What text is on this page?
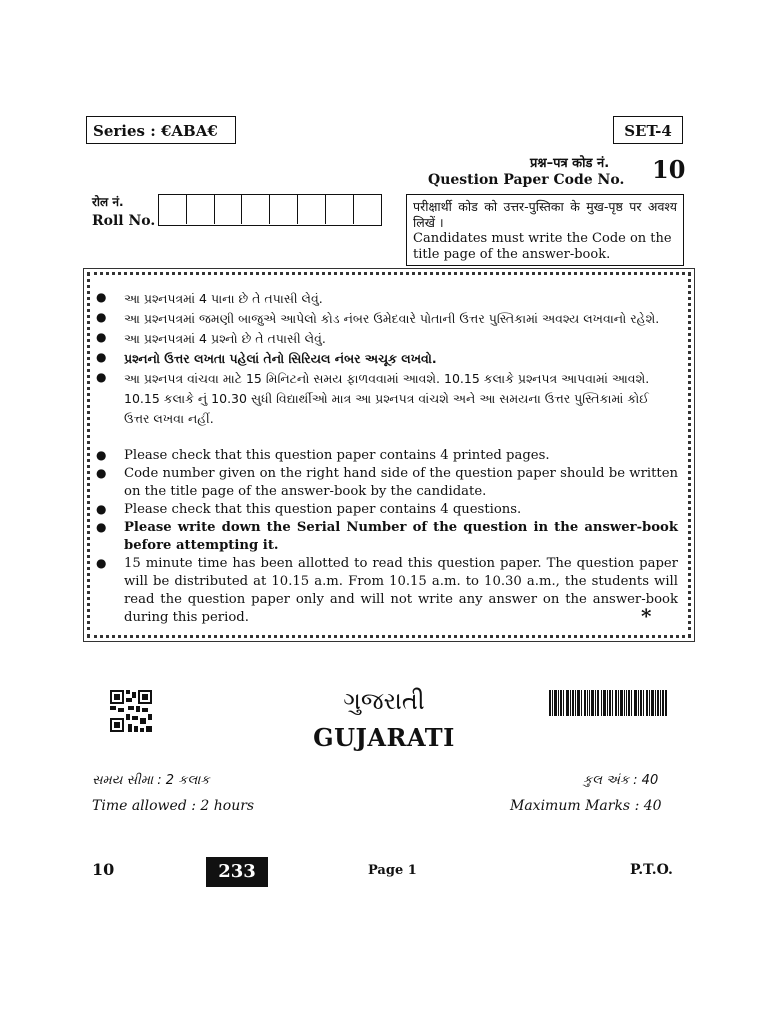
Series : €ABA€	SET-4
प्रश्न–पत्र कोड नं.
Question Paper Code No. 10
रोल नं.
Roll No.
परीक्षार्थी कोड को उत्तर-पुस्तिका के मुख-पृष्ठ पर अवश्य लिखें ।
Candidates must write the Code on the title page of the answer-book.
●	આ પ્રશ્નપત્રમાં 4 પાના છે તે તપાસી લેવું.
●	આ પ્રશ્નપત્રમાં જમણી બાજુએ આપેલો કોડ નંબર ઉમેદવારે પોતાની ઉત્તર પુસ્તિકામાં અવશ્ય લખવાનો રહેશે.
●	આ પ્રશ્નપત્રમાં 4 પ્રશ્નો છે તે તપાસી લેવું.
●	પ્રશ્નનો ઉત્તર લખતા પહેલાં તેનો સિરિયલ નંબર અચૂક લખવો.
●	આ પ્રશ્નપત્ર વાંચવા માટે 15 મિનિટનો સમય ફાળવવામાં આવશે. 10.15 કલાકે પ્રશ્નપત્ર આપવામાં આવશે. 10.15 કલાકે નું 10.30 સુધી વિદ્યાર્થીઓ માત્ર આ પ્રશ્નપત્ર વાંચશે અને આ સમયના ઉત્તર પુસ્તિકામાં કોઈ ઉત્તર લખવા નહીં.
●	Please check that this question paper contains 4 printed pages.
●	Code number given on the right hand side of the question paper should be written on the title page of the answer-book by the candidate.
●	Please check that this question paper contains 4 questions.
●	Please write down the Serial Number of the question in the answer-book before attempting it.
●	15 minute time has been allotted to read this question paper. The question paper will be distributed at 10.15 a.m. From 10.15 a.m. to 10.30 a.m., the students will read the question paper only and will not write any answer on the answer-book during this period.	*
ગુજરાતી
GUJARATI
સમય સીમા : 2 કલાક
Time allowed : 2 hours
કુલ અંક : 40
Maximum Marks : 40
10	233	Page 1	P.T.O.
